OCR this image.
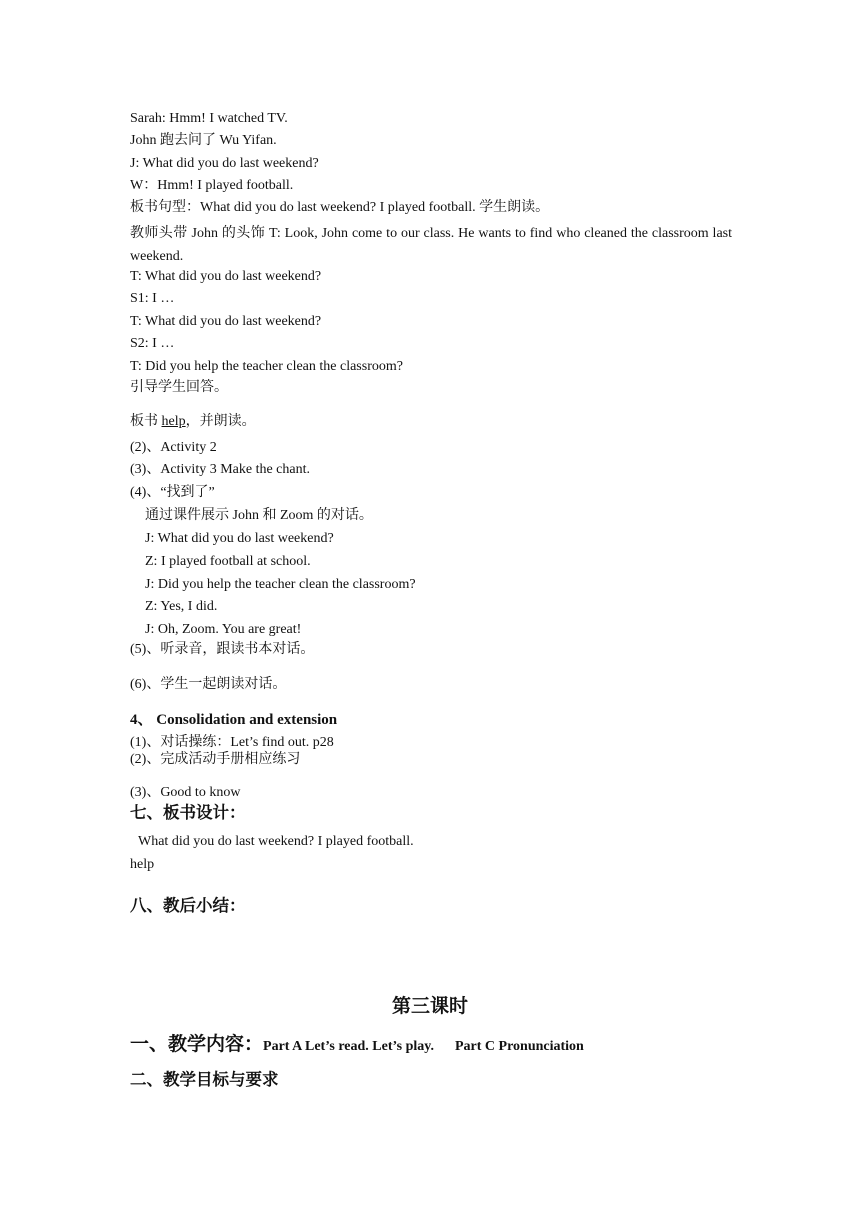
Sarah: Hmm! I watched TV.
John 跑去问了 Wu Yifan.
J: What did you do last weekend?
W：Hmm! I played football.
板书句型：What did you do last weekend? I played football. 学生朗读。
教师头带 John 的头饰 T: Look, John come to our class. He wants to find who cleaned the classroom last weekend.
T: What did you do last weekend?
S1: I …
T: What did you do last weekend?
S2: I …
T: Did you help the teacher clean the classroom?
引导学生回答。
板书 help，并朗读。
(2)、Activity 2
(3)、Activity 3 Make the chant.
(4)、“找到了”
通过课件展示 John 和 Zoom 的对话。
J: What did you do last weekend?
Z: I played football at school.
J: Did you help the teacher clean the classroom?
Z: Yes, I did.
J: Oh, Zoom. You are great!
(5)、听录音，跟读书本对话。
(6)、学生一起朗读对话。
4、 Consolidation and extension
(1)、对话操练：Let’s find out. p28
(2)、完成活动手册相应练习
(3)、Good to know
七、板书设计：
What did you do last weekend? I played football.
help
八、教后小结：
第三课时
一、教学内容：Part A Let’s read. Let’s play.      Part C Pronunciation
二、教学目标与要求
